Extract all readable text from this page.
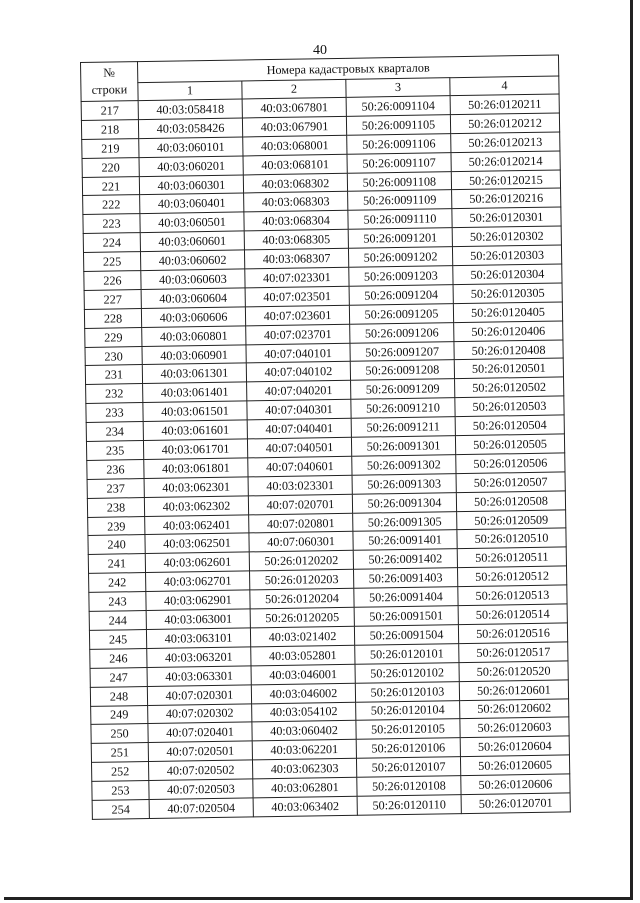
40
№
строки	Номера кадастровых кварталов			
	1	2	3	4
217	40:03:058418	40:03:067801	50:26:0091104	50:26:0120211
218	40:03:058426	40:03:067901	50:26:0091105	50:26:0120212
219	40:03:060101	40:03:068001	50:26:0091106	50:26:0120213
220	40:03:060201	40:03:068101	50:26:0091107	50:26:0120214
221	40:03:060301	40:03:068302	50:26:0091108	50:26:0120215
222	40:03:060401	40:03:068303	50:26:0091109	50:26:0120216
223	40:03:060501	40:03:068304	50:26:0091110	50:26:0120301
224	40:03:060601	40:03:068305	50:26:0091201	50:26:0120302
225	40:03:060602	40:03:068307	50:26:0091202	50:26:0120303
226	40:03:060603	40:07:023301	50:26:0091203	50:26:0120304
227	40:03:060604	40:07:023501	50:26:0091204	50:26:0120305
228	40:03:060606	40:07:023601	50:26:0091205	50:26:0120405
229	40:03:060801	40:07:023701	50:26:0091206	50:26:0120406
230	40:03:060901	40:07:040101	50:26:0091207	50:26:0120408
231	40:03:061301	40:07:040102	50:26:0091208	50:26:0120501
232	40:03:061401	40:07:040201	50:26:0091209	50:26:0120502
233	40:03:061501	40:07:040301	50:26:0091210	50:26:0120503
234	40:03:061601	40:07:040401	50:26:0091211	50:26:0120504
235	40:03:061701	40:07:040501	50:26:0091301	50:26:0120505
236	40:03:061801	40:07:040601	50:26:0091302	50:26:0120506
237	40:03:062301	40:03:023301	50:26:0091303	50:26:0120507
238	40:03:062302	40:07:020701	50:26:0091304	50:26:0120508
239	40:03:062401	40:07:020801	50:26:0091305	50:26:0120509
240	40:03:062501	40:07:060301	50:26:0091401	50:26:0120510
241	40:03:062601	50:26:0120202	50:26:0091402	50:26:0120511
242	40:03:062701	50:26:0120203	50:26:0091403	50:26:0120512
243	40:03:062901	50:26:0120204	50:26:0091404	50:26:0120513
244	40:03:063001	50:26:0120205	50:26:0091501	50:26:0120514
245	40:03:063101	40:03:021402	50:26:0091504	50:26:0120516
246	40:03:063201	40:03:052801	50:26:0120101	50:26:0120517
247	40:03:063301	40:03:046001	50:26:0120102	50:26:0120520
248	40:07:020301	40:03:046002	50:26:0120103	50:26:0120601
249	40:07:020302	40:03:054102	50:26:0120104	50:26:0120602
250	40:07:020401	40:03:060402	50:26:0120105	50:26:0120603
251	40:07:020501	40:03:062201	50:26:0120106	50:26:0120604
252	40:07:020502	40:03:062303	50:26:0120107	50:26:0120605
253	40:07:020503	40:03:062801	50:26:0120108	50:26:0120606
254	40:07:020504	40:03:063402	50:26:0120110	50:26:0120701
